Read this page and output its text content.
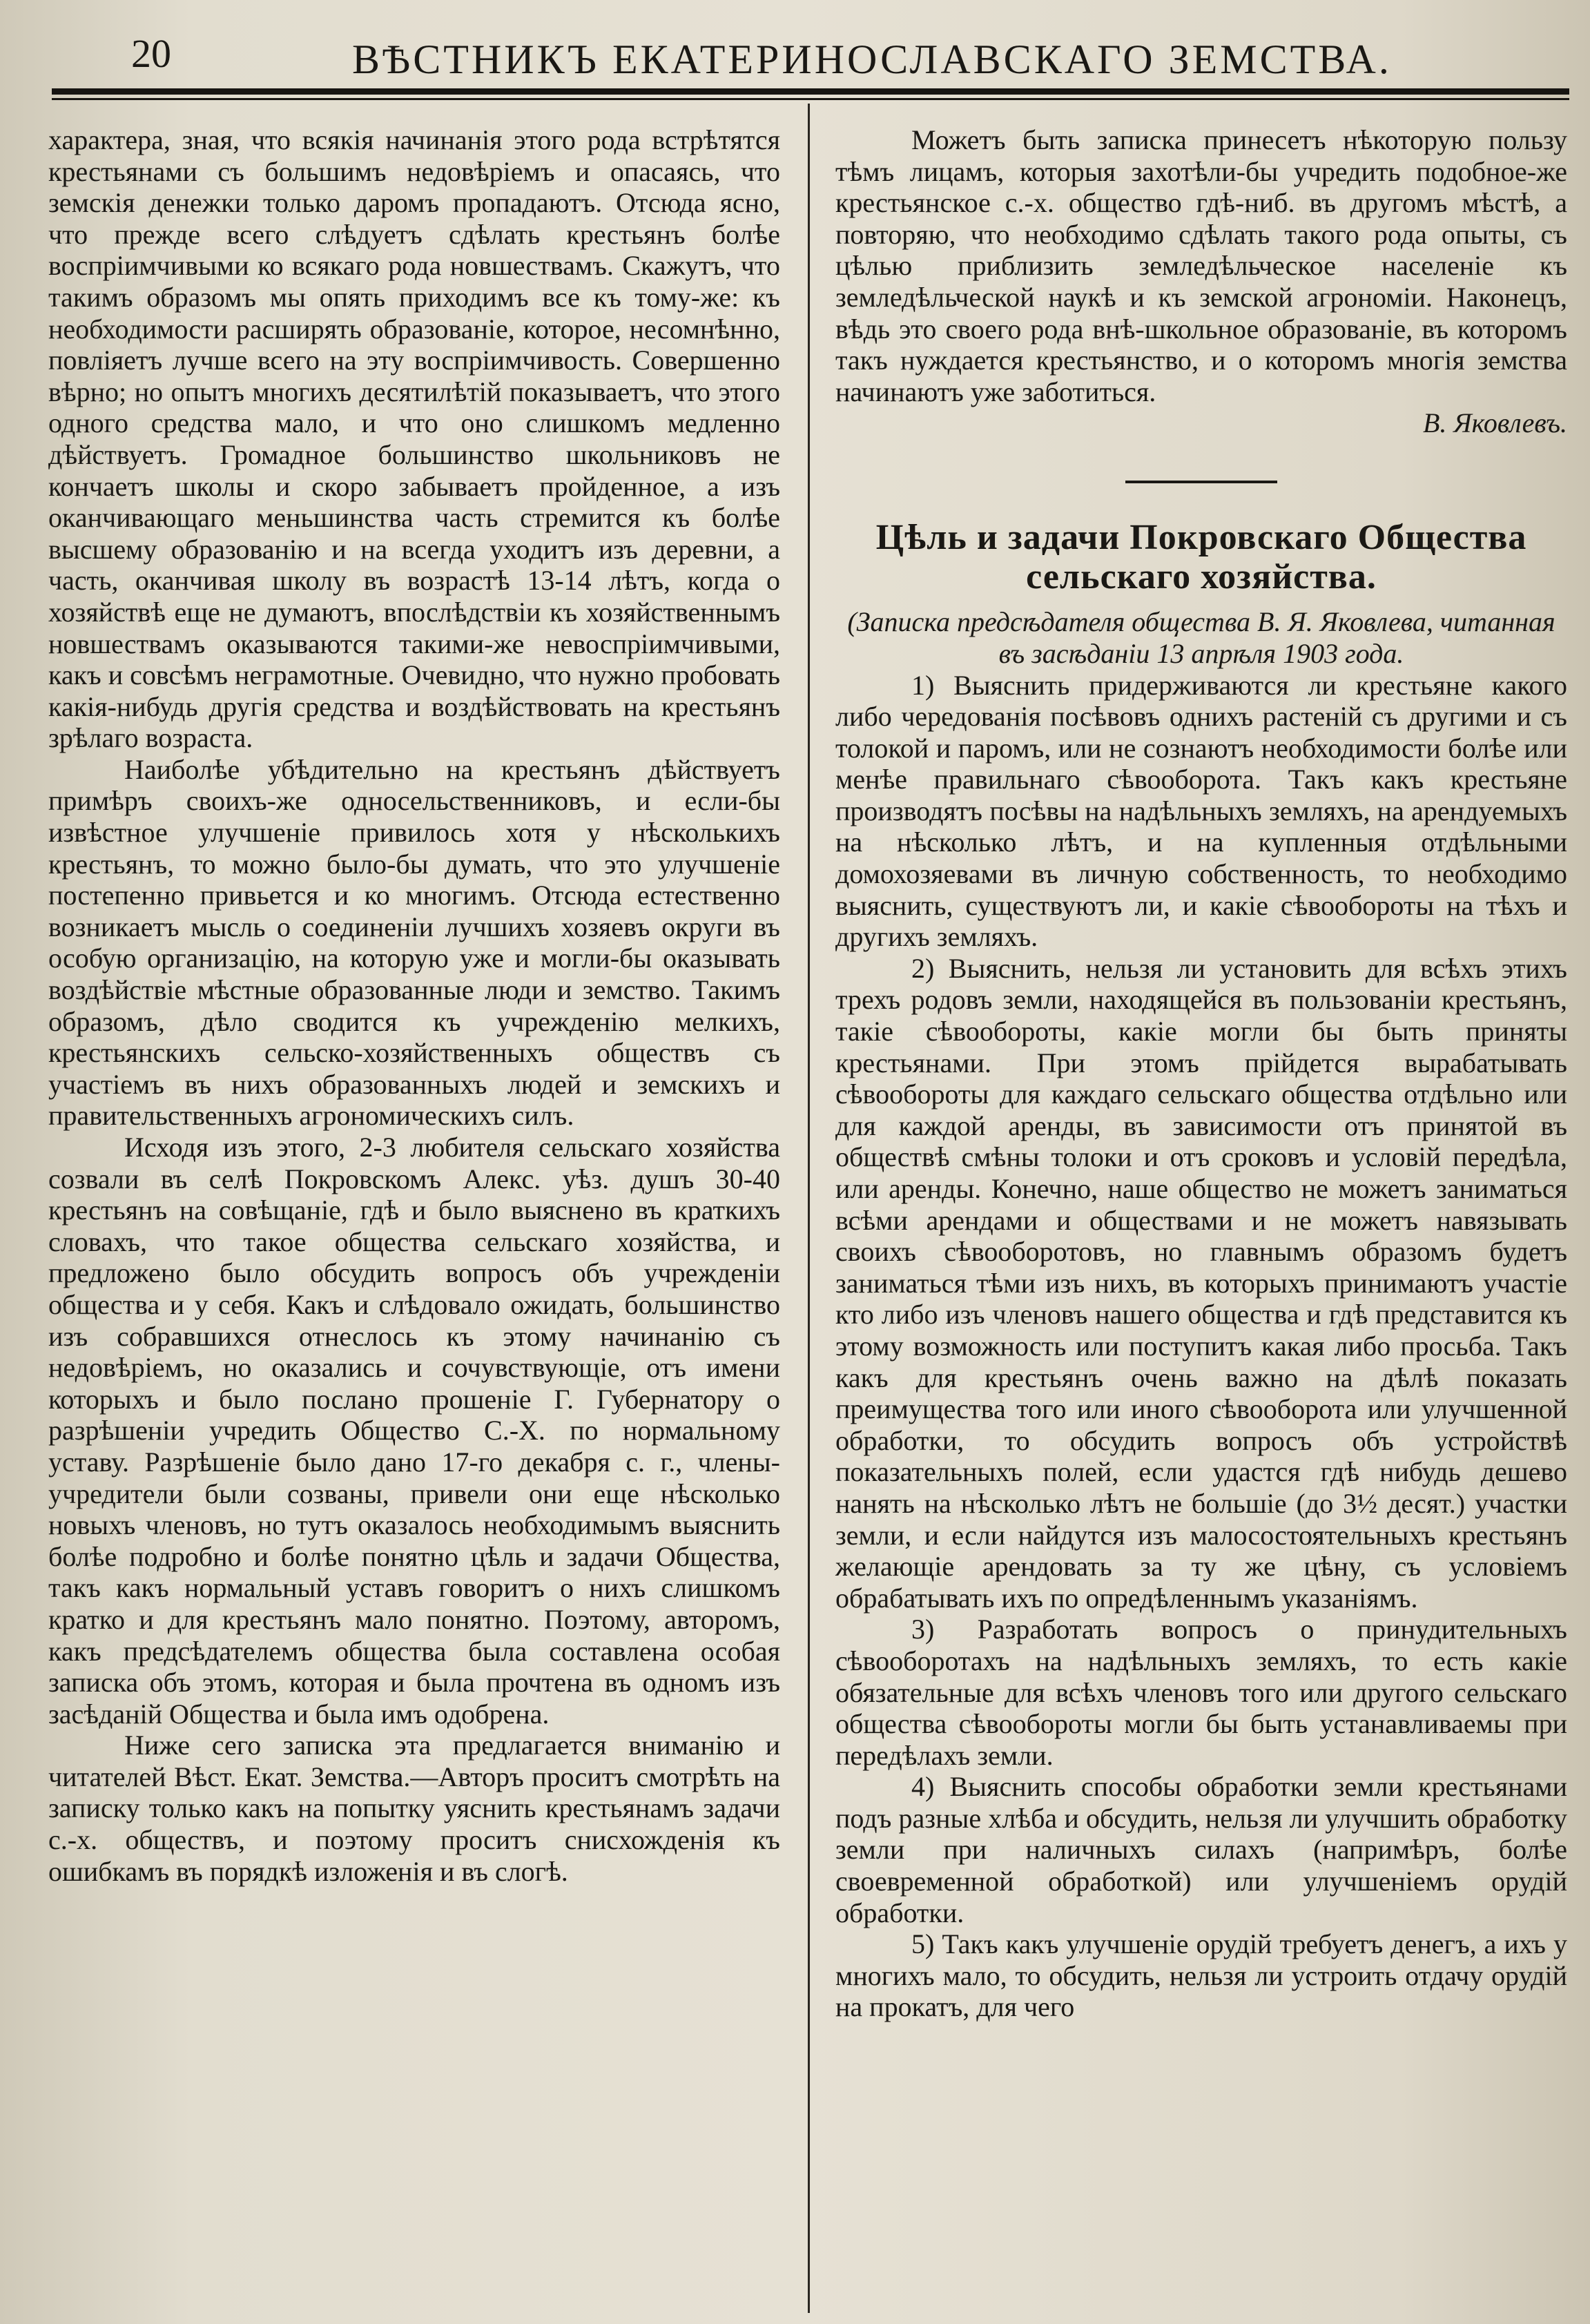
20	ВѢСТНИКЪ ЕКАТЕРИНОСЛАВСКАГО ЗЕМСТВА.

характера, зная, что всякія начинанія этого рода встрѣтятся крестьянами съ большимъ недовѣріемъ и опасаясь, что земскія денежки только даромъ пропадаютъ. Отсюда ясно, что прежде всего слѣдуетъ сдѣлать крестьянъ болѣе воспріимчивыми ко всякаго рода новшествамъ. Скажутъ, что такимъ образомъ мы опять приходимъ все къ тому-же: къ необходимости расширять образованіе, которое, несомнѣнно, повліяетъ лучше всего на эту воспріимчивость. Совершенно вѣрно; но опытъ многихъ десятилѣтій показываетъ, что этого одного средства мало, и что оно слишкомъ медленно дѣйствуетъ. Громадное большинство школьниковъ не кончаетъ школы и скоро забываетъ пройденное, а изъ оканчивающаго меньшинства часть стремится къ болѣе высшему образованію и на всегда уходитъ изъ деревни, а часть, оканчивая школу въ возрастѣ 13-14 лѣтъ, когда о хозяйствѣ еще не думаютъ, впослѣдствіи къ хозяйственнымъ новшествамъ оказываются такими-же невоспріимчивыми, какъ и совсѣмъ неграмотные. Очевидно, что нужно пробовать какія-нибудь другія средства и воздѣйствовать на крестьянъ зрѣлаго возраста.

Наиболѣе убѣдительно на крестьянъ дѣйствуетъ примѣръ своихъ-же односельственниковъ, и если-бы извѣстное улучшеніе привилось хотя у нѣсколькихъ крестьянъ, то можно было-бы думать, что это улучшеніе постепенно привьется и ко многимъ. Отсюда естественно возникаетъ мысль о соединеніи лучшихъ хозяевъ округи въ особую организацію, на которую уже и могли-бы оказывать воздѣйствіе мѣстные образованные люди и земство. Такимъ образомъ, дѣло сводится къ учрежденію мелкихъ, крестьянскихъ сельско-хозяйственныхъ обществъ съ участіемъ въ нихъ образованныхъ людей и земскихъ и правительственныхъ агрономическихъ силъ.

Исходя изъ этого, 2-3 любителя сельскаго хозяйства созвали въ селѣ Покровскомъ Алекс. уѣз. душъ 30-40 крестьянъ на совѣщаніе, гдѣ и было выяснено въ краткихъ словахъ, что такое общества сельскаго хозяйства, и предложено было обсудить вопросъ объ учрежденіи общества и у себя. Какъ и слѣдовало ожидать, большинство изъ собравшихся отнеслось къ этому начинанію съ недовѣріемъ, но оказались и сочувствующіе, отъ имени которыхъ и было послано прошеніе Г. Губернатору о разрѣшеніи учредить Общество С.-Х. по нормальному уставу. Разрѣшеніе было дано 17-го декабря с. г., члены-учредители были созваны, привели они еще нѣсколько новыхъ членовъ, но тутъ оказалось необходимымъ выяснить болѣе подробно и болѣе понятно цѣль и задачи Общества, такъ какъ нормальный уставъ говоритъ о нихъ слишкомъ кратко и для крестьянъ мало понятно. Поэтому, авторомъ, какъ предсѣдателемъ общества была составлена особая записка объ этомъ, которая и была прочтена въ одномъ изъ засѣданій Общества и была имъ одобрена.

Ниже сего записка эта предлагается вниманію и читателей Вѣст. Екат. Земства.—Авторъ проситъ смотрѣть на записку только какъ на попытку уяснить крестьянамъ задачи с.-х. обществъ, и поэтому проситъ снисхожденія къ ошибкамъ въ порядкѣ изложенія и въ слогѣ.

Можетъ быть записка принесетъ нѣкоторую пользу тѣмъ лицамъ, которыя захотѣли-бы учредить подобное-же крестьянское с.-х. общество гдѣ-ниб. въ другомъ мѣстѣ, а повторяю, что необходимо сдѣлать такого рода опыты, съ цѣлью приблизить земледѣльческое населеніе къ земледѣльческой наукѣ и къ земской агрономіи. Наконецъ, вѣдь это своего рода внѣ-школьное образованіе, въ которомъ такъ нуждается крестьянство, и о которомъ многія земства начинаютъ уже заботиться.

В. Яковлевъ.

Цѣль и задачи Покровскаго Общества сельскаго хозяйства.

(Записка предсѣдателя общества В. Я. Яковлева, читанная въ засѣданіи 13 апрѣля 1903 года.

1) Выяснить придерживаются ли крестьяне какого либо чередованія посѣвовъ однихъ растеній съ другими и съ толокой и паромъ, или не сознаютъ необходимости болѣе или менѣе правильнаго сѣвооборота. Такъ какъ крестьяне производятъ посѣвы на надѣльныхъ земляхъ, на арендуемыхъ на нѣсколько лѣтъ, и на купленныя отдѣльными домохозяевами въ личную собственность, то необходимо выяснить, существуютъ ли, и какіе сѣвообороты на тѣхъ и другихъ земляхъ.

2) Выяснить, нельзя ли установить для всѣхъ этихъ трехъ родовъ земли, находящейся въ пользованіи крестьянъ, такіе сѣвообороты, какіе могли бы быть приняты крестьянами. При этомъ прійдется вырабатывать сѣвообороты для каждаго сельскаго общества отдѣльно или для каждой аренды, въ зависимости отъ принятой въ обществѣ смѣны толоки и отъ сроковъ и условій передѣла, или аренды. Конечно, наше общество не можетъ заниматься всѣми арендами и обществами и не можетъ навязывать своихъ сѣвооборотовъ, но главнымъ образомъ будетъ заниматься тѣми изъ нихъ, въ которыхъ принимаютъ участіе кто либо изъ членовъ нашего общества и гдѣ представится къ этому возможность или поступитъ какая либо просьба. Такъ какъ для крестьянъ очень важно на дѣлѣ показать преимущества того или иного сѣвооборота или улучшенной обработки, то обсудить вопросъ объ устройствѣ показательныхъ полей, если удастся гдѣ нибудь дешево нанять на нѣсколько лѣтъ не большіе (до 3½ десят.) участки земли, и если найдутся изъ малосостоятельныхъ крестьянъ желающіе арендовать за ту же цѣну, съ условіемъ обрабатывать ихъ по опредѣленнымъ указаніямъ.

3) Разработать вопросъ о принудительныхъ сѣвооборотахъ на надѣльныхъ земляхъ, то есть какіе обязательные для всѣхъ членовъ того или другого сельскаго общества сѣвообороты могли бы быть устанавливаемы при передѣлахъ земли.

4) Выяснить способы обработки земли крестьянами подъ разные хлѣба и обсудить, нельзя ли улучшить обработку земли при наличныхъ силахъ (напримѣръ, болѣе своевременной обработкой) или улучшеніемъ орудій обработки.

5) Такъ какъ улучшеніе орудій требуетъ денегъ, а ихъ у многихъ мало, то обсудить, нельзя ли устроить отдачу орудій на прокатъ, для чего
